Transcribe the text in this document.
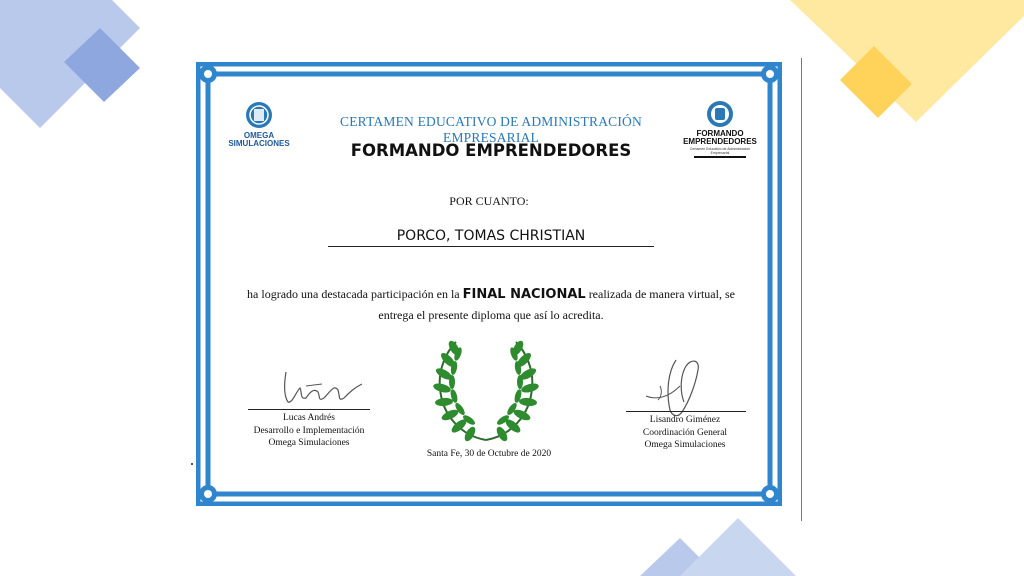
OMEGA
SIMULACIONES
CERTAMEN EDUCATIVO DE ADMINISTRACIÓN EMPRESARIAL
FORMANDO EMPRENDEDORES
FORMANDO
EMPRENDEDORES
Certamen Educativo de Administración Empresarial
POR CUANTO:
PORCO, TOMAS CHRISTIAN
ha logrado una destacada participación en la FINAL NACIONAL realizada de manera virtual, se entrega el presente diploma que así lo acredita.
Lucas Andrés
Desarrollo e Implementación
Omega Simulaciones
Lisandro Giménez
Coordinación General
Omega Simulaciones
Santa Fe, 30 de Octubre de 2020
